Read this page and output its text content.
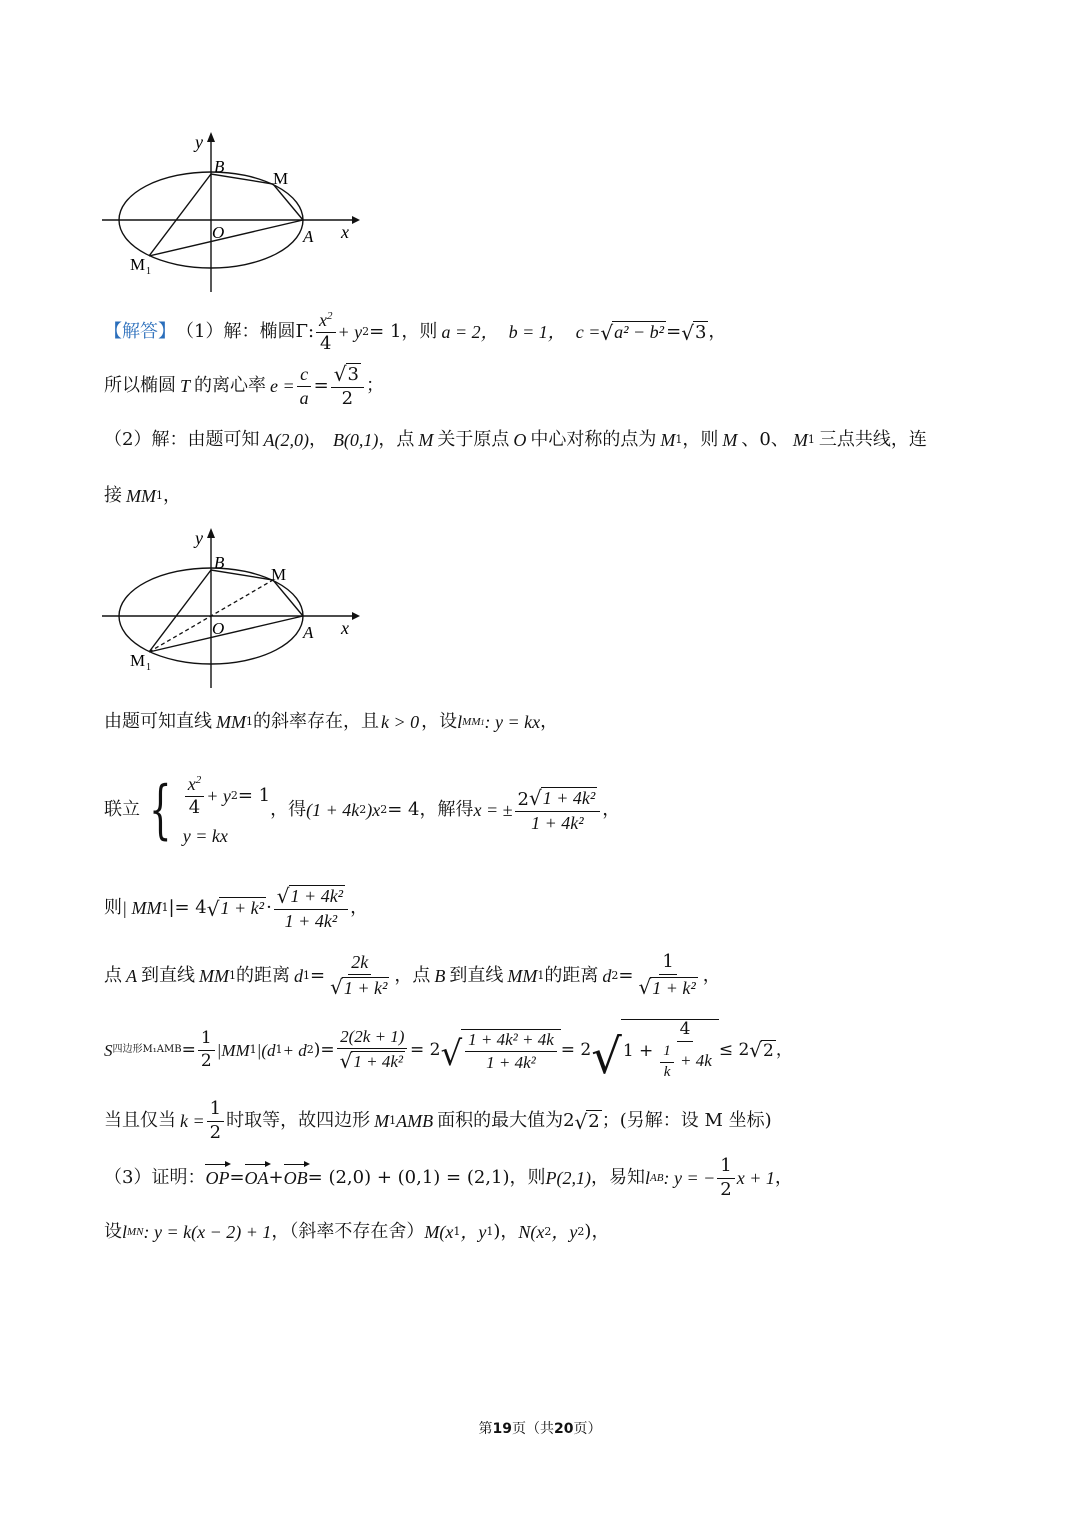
y
x
O	A
B
M
M 1
【解答】 （1）解：椭圆 Γ : $\frac{x^2}{4} + y$ 2 = 1，则 a = 2， b = 1， c = √ a² − b² = √ 3 ，
所以椭圆 T 的离心率 $e = \frac{c}{a} = \frac{√ 3}{2}$ ；
（2）解：由题可知 A(2,0) ， B(0,1) ，点 M 关于原点 O 中心对称的点为 M 1 ，则 M 、0、 M 1 三点共线，连
接 MM 1 ，
y
x
O	A
B
M
M 1
由题可知直线 MM 1 的斜率存在，且 k > 0 ，设 l MM1 : y = kx ，
联立 { $\frac{x^2}{4} + y$ 2 = 1
y = kx
，得 (1 + 4k 2 )x 2 = 4 ，解得 x = ± $\frac{\text{2 √ 1 + 4k²}}{\text{1 + 4k²}}$ ，
则 | MM 1 |= 4 √ $1 + k^2 \cdot \frac{\text{√ 1 + 4k²}}{\text{1 + 4k²}}$ ，
点 A 到直线 MM 1 的距离 d $1 = \frac{2k}{\text{√ 1 + k²}}$ ，点 B 到直线 MM 1 的距离 d $2 = \frac{1}{\text{√ 1 + k²}}$ ，
S 四边形$M_1AMB = \frac{1}{2} |MM$ 1 |(d 1 + d 2 ) = $\frac{2(2k + 1)}{\text{√ 1 + 4k²}} = 2$ √ $\frac{\text{1 + 4k² + 4k}}{\text{1 + 4k²}} = 2$ √ $1 + \frac{4}{\frac{1}{k} + 4k} \le 2$ √ 2 ，
当且仅当 $k = \frac{1}{2}$ 时取等，故四边形 M 1 AMB 面积的最大值为 2 √ 2 ；(另解：设 M 坐标)
（3）证明： OP = OA + OB = (2,0) + (0,1) = (2,1) ，则 P(2,1) ，易知 l AB : y = − $\frac{1}{2}$ x + 1 ，
设 l MN : y = k(x − 2) + 1 ，（斜率不存在舍） M(x 1 ，y 1 ) ， N(x 2 ，y 2 ) ，
第19页（共20页）
